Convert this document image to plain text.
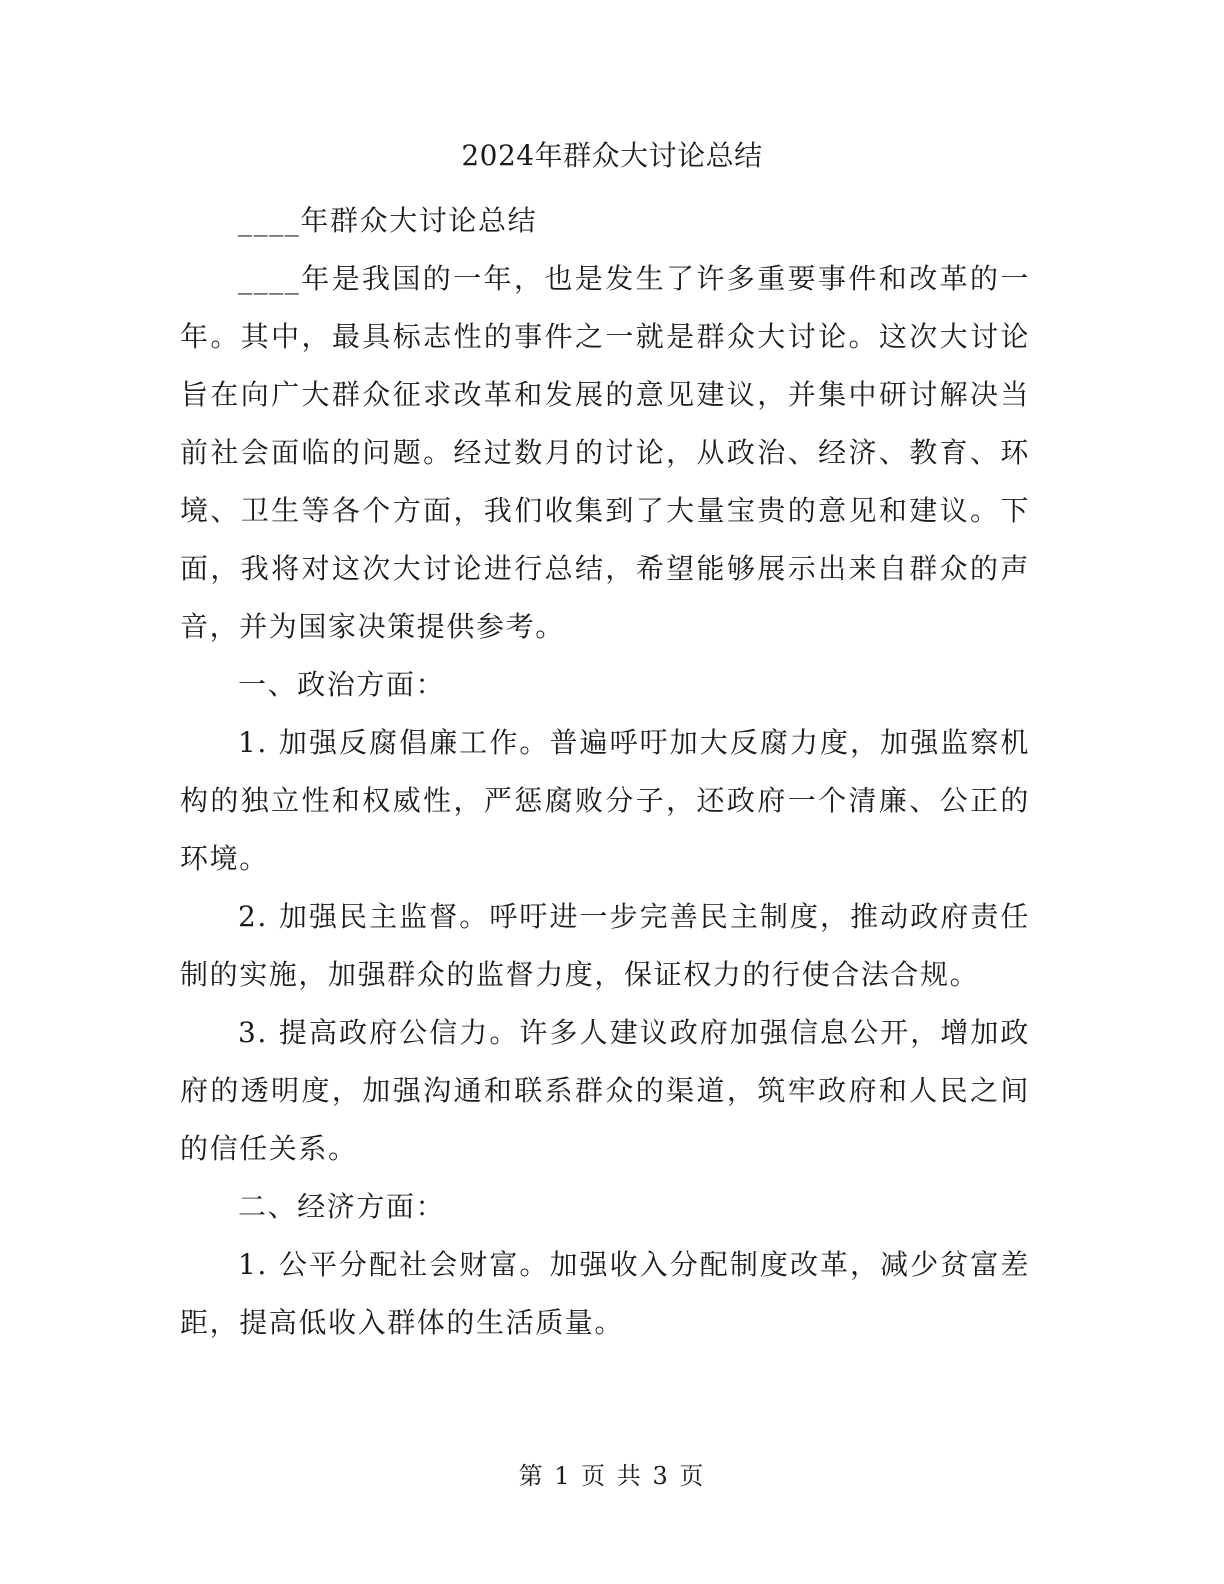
2024年群众大讨论总结

____年群众大讨论总结

____年是我国的一年，也是发生了许多重要事件和改革的一年。其中，最具标志性的事件之一就是群众大讨论。这次大讨论旨在向广大群众征求改革和发展的意见建议，并集中研讨解决当前社会面临的问题。经过数月的讨论，从政治、经济、教育、环境、卫生等各个方面，我们收集到了大量宝贵的意见和建议。下面，我将对这次大讨论进行总结，希望能够展示出来自群众的声音，并为国家决策提供参考。

一、政治方面：

1. 加强反腐倡廉工作。普遍呼吁加大反腐力度，加强监察机构的独立性和权威性，严惩腐败分子，还政府一个清廉、公正的环境。

2. 加强民主监督。呼吁进一步完善民主制度，推动政府责任制的实施，加强群众的监督力度，保证权力的行使合法合规。

3. 提高政府公信力。许多人建议政府加强信息公开，增加政府的透明度，加强沟通和联系群众的渠道，筑牢政府和人民之间的信任关系。

二、经济方面：

1. 公平分配社会财富。加强收入分配制度改革，减少贫富差距，提高低收入群体的生活质量。

第 1 页 共 3 页
